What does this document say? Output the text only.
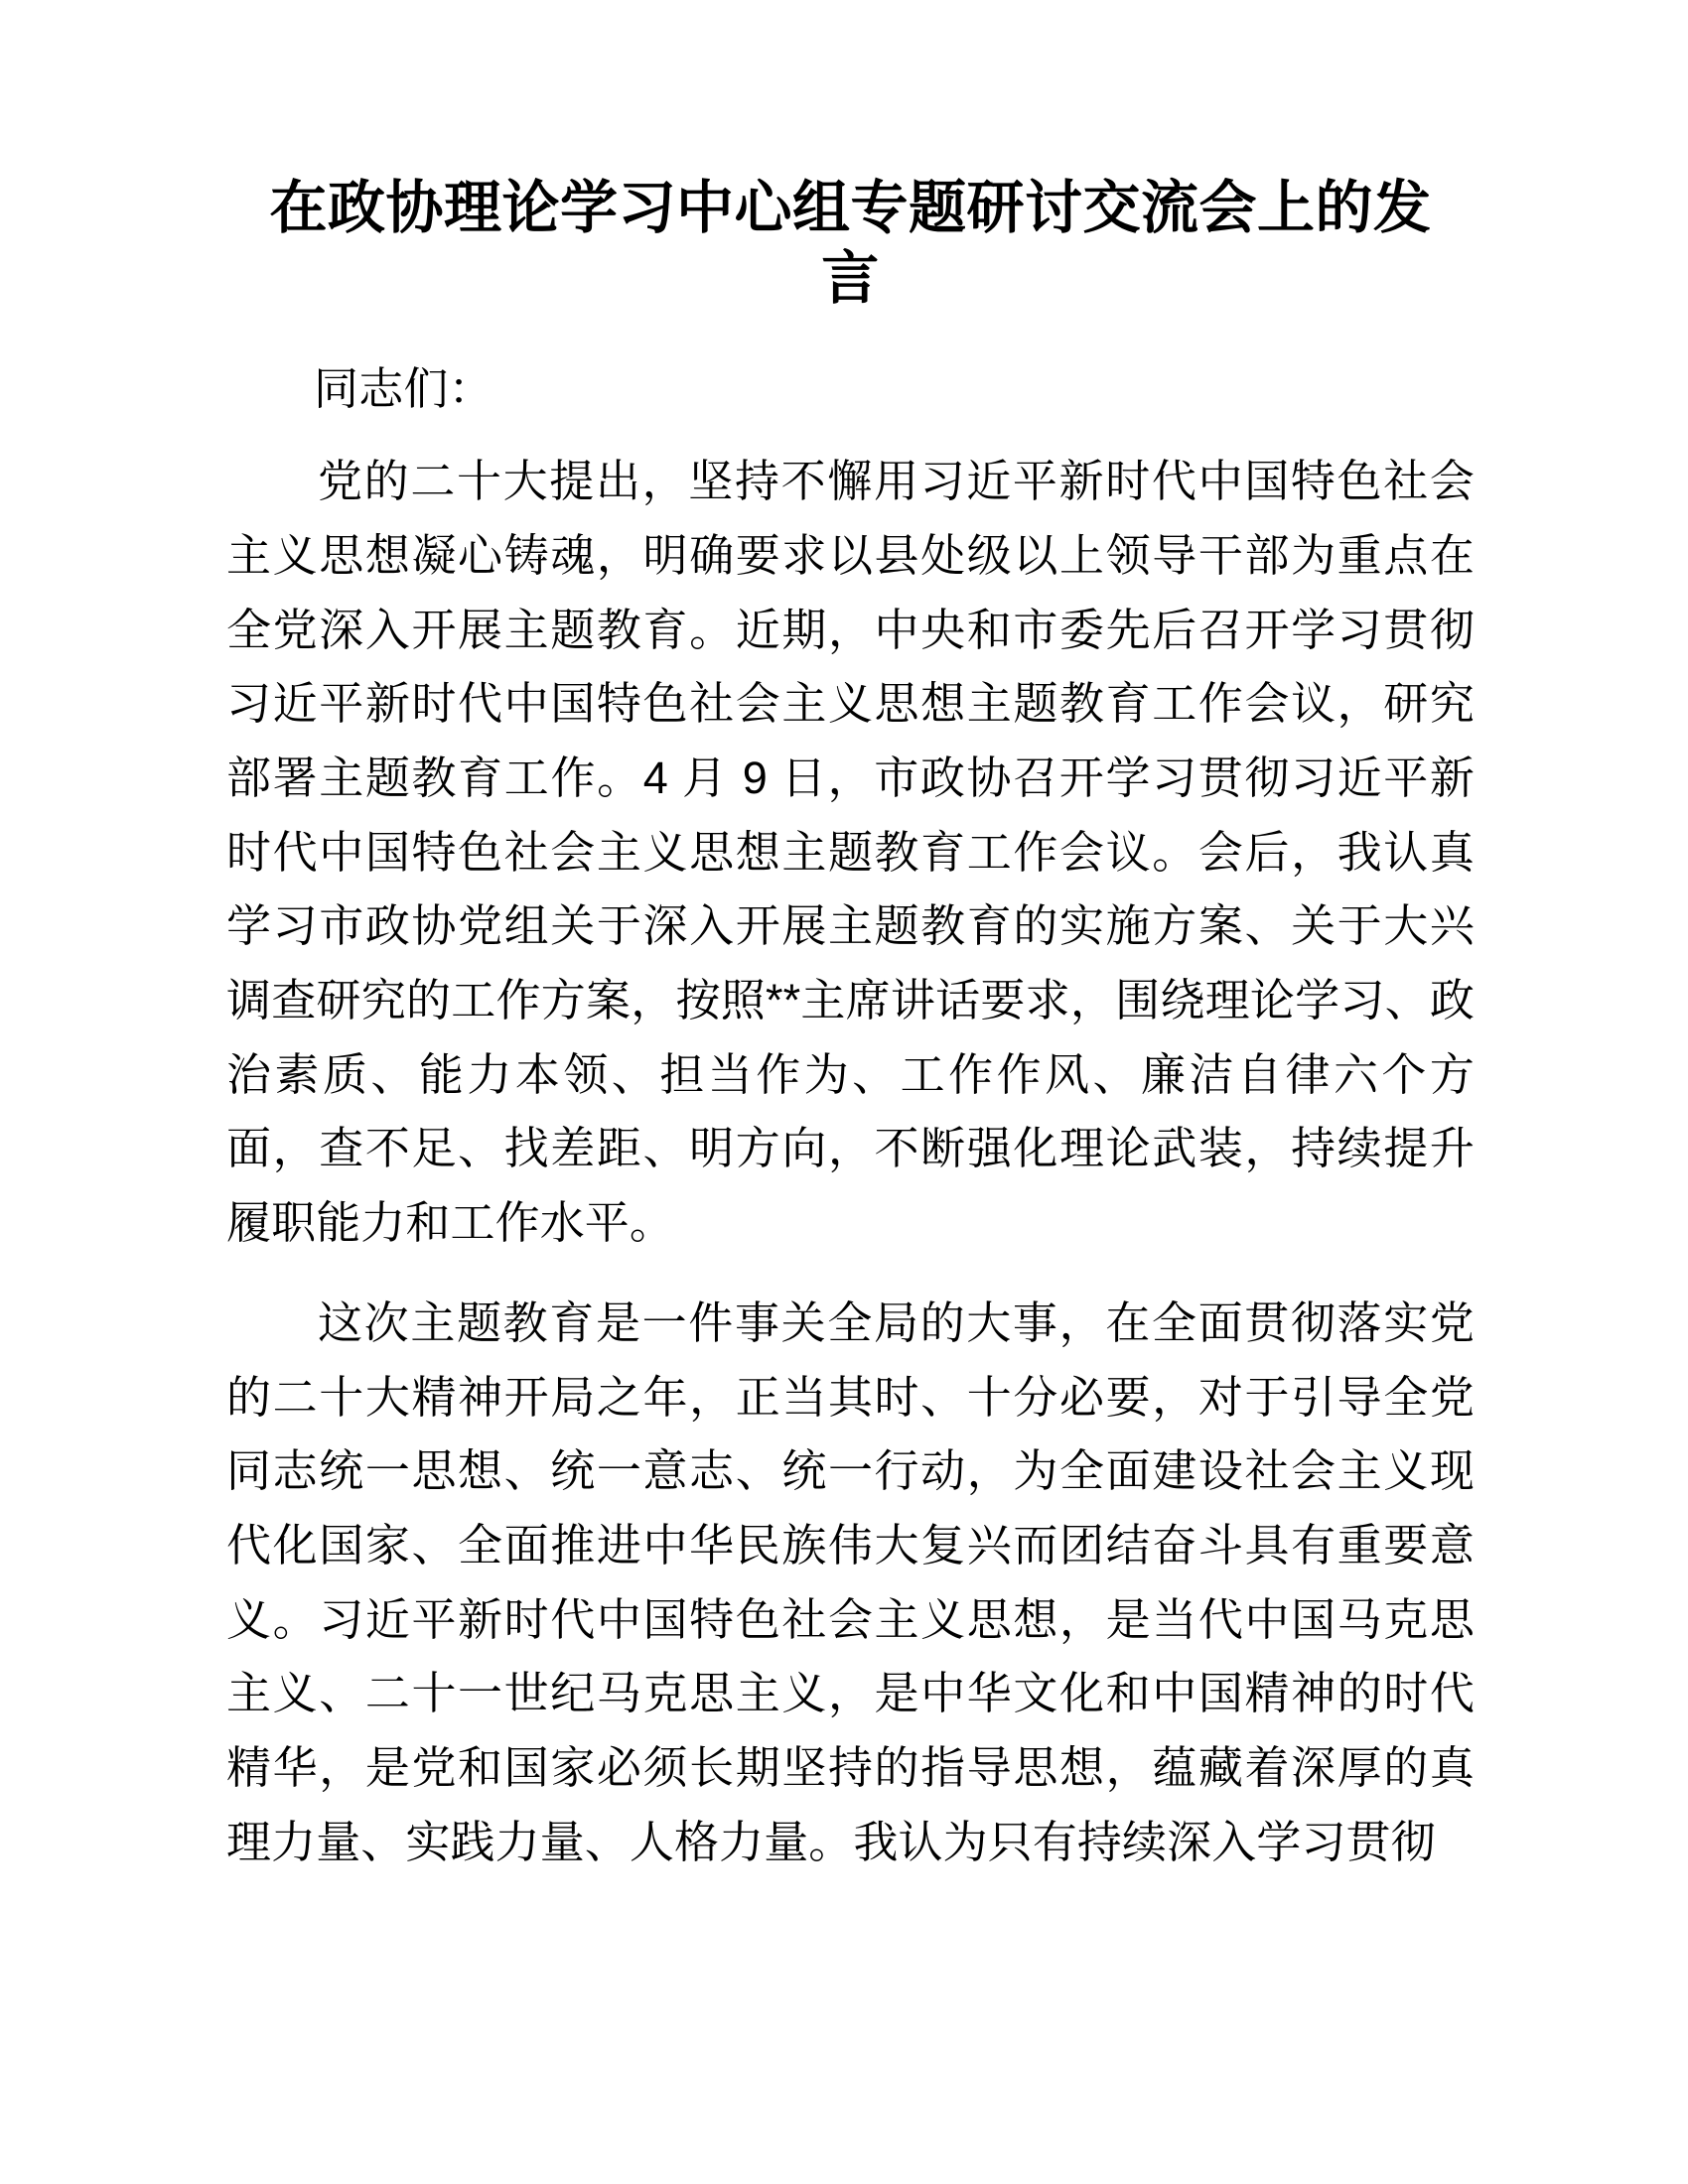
在政协理论学习中心组专题研讨交流会上的发言

同志们：

党的二十大提出，坚持不懈用习近平新时代中国特色社会主义思想凝心铸魂，明确要求以县处级以上领导干部为重点在全党深入开展主题教育。近期，中央和市委先后召开学习贯彻习近平新时代中国特色社会主义思想主题教育工作会议，研究部署主题教育工作。4 月 9 日，市政协召开学习贯彻习近平新时代中国特色社会主义思想主题教育工作会议。会后，我认真学习市政协党组关于深入开展主题教育的实施方案、关于大兴调查研究的工作方案，按照**主席讲话要求，围绕理论学习、政治素质、能力本领、担当作为、工作作风、廉洁自律六个方面，查不足、找差距、明方向，不断强化理论武装，持续提升履职能力和工作水平。

这次主题教育是一件事关全局的大事，在全面贯彻落实党的二十大精神开局之年，正当其时、十分必要，对于引导全党同志统一思想、统一意志、统一行动，为全面建设社会主义现代化国家、全面推进中华民族伟大复兴而团结奋斗具有重要意义。习近平新时代中国特色社会主义思想，是当代中国马克思主义、二十一世纪马克思主义，是中华文化和中国精神的时代精华，是党和国家必须长期坚持的指导思想，蕴藏着深厚的真理力量、实践力量、人格力量。我认为只有持续深入学习贯彻
